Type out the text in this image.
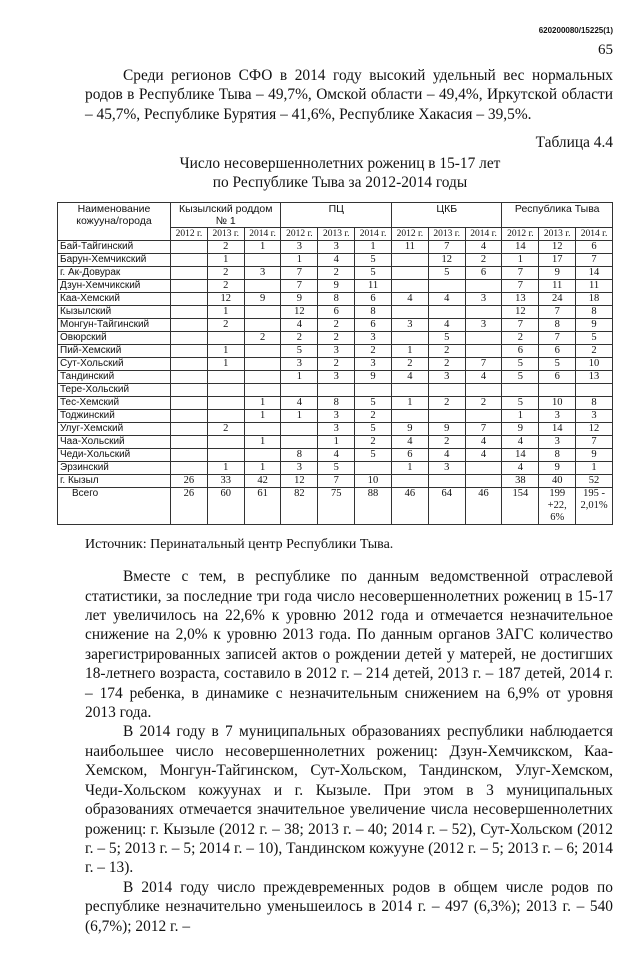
620200080/15225(1)
65

Среди регионов СФО в 2014 году высокий удельный вес нормальных родов в Республике Тыва – 49,7%, Омской области – 49,4%, Иркутской области – 45,7%, Республике Бурятия – 41,6%, Республике Хакасия – 39,5%.

Таблица 4.4
Число несовершеннолетних рожениц в 15-17 лет
по Республике Тыва за 2012-2014 годы
Наименование кожууна/города	Кызылский роддом № 1			ПЦ			ЦКБ			Республика Тыва		
	2012 г.	2013 г.	2014 г.	2012 г.	2013 г.	2014 г.	2012 г.	2013 г.	2014 г.	2012 г.	2013 г.	2014 г.
Бай-Тайгинский		2	1	3	3	1	11	7	4	14	12	6
Барун-Хемчикский		1		1	4	5		12	2	1	17	7
г. Ак-Довурак		2	3	7	2	5		5	6	7	9	14
Дзун-Хемчикский		2		7	9	11				7	11	11
Каа-Хемский		12	9	9	8	6	4	4	3	13	24	18
Кызылский		1		12	6	8				12	7	8
Монгун-Тайгинский		2		4	2	6	3	4	3	7	8	9
Овюрский			2	2	2	3		5		2	7	5
Пий-Хемский		1		5	3	2	1	2		6	6	2
Сут-Хольский		1		3	2	3	2	2	7	5	5	10
Тандинский				1	3	9	4	3	4	5	6	13
Тере-Хольский												
Тес-Хемский			1	4	8	5	1	2	2	5	10	8
Тоджинский			1	1	3	2				1	3	3
Улуг-Хемский		2			3	5	9	9	7	9	14	12
Чаа-Хольский			1		1	2	4	2	4	4	3	7
Чеди-Хольский				8	4	5	6	4	4	14	8	9
Эрзинский		1	1	3	5		1	3		4	9	1
г. Кызыл	26	33	42	12	7	10				38	40	52
Всего	26	60	61	82	75	88	46	64	46	154	199 +22, 6%	195 - 2,01%
Источник: Перинатальный центр Республики Тыва.

Вместе с тем, в республике по данным ведомственной отраслевой статистики, за последние три года число несовершеннолетних рожениц в 15-17 лет увеличилось на 22,6% к уровню 2012 года и отмечается незначительное снижение на 2,0% к уровню 2013 года. По данным органов ЗАГС количество зарегистрированных записей актов о рождении детей у матерей, не достигших 18-летнего возраста, составило в 2012 г. – 214 детей, 2013 г. – 187 детей, 2014 г. – 174 ребенка, в динамике с незначительным снижением на 6,9% от уровня 2013 года.

В 2014 году в 7 муниципальных образованиях республики наблюдается наибольшее число несовершеннолетних рожениц: Дзун-Хемчикском, Каа-Хемском, Монгун-Тайгинском, Сут-Хольском, Тандинском, Улуг-Хемском, Чеди-Хольском кожуунах и г. Кызыле. При этом в 3 муниципальных образованиях отмечается значительное увеличение числа несовершеннолетних рожениц: г. Кызыле (2012 г. – 38; 2013 г. – 40; 2014 г. – 52), Сут-Хольском (2012 г. – 5; 2013 г. – 5; 2014 г. – 10), Тандинском кожууне (2012 г. – 5; 2013 г. – 6; 2014 г. – 13).

В 2014 году число преждевременных родов в общем числе родов по республике незначительно уменьшеилось в 2014 г. – 497 (6,3%); 2013 г. – 540 (6,7%); 2012 г. –
